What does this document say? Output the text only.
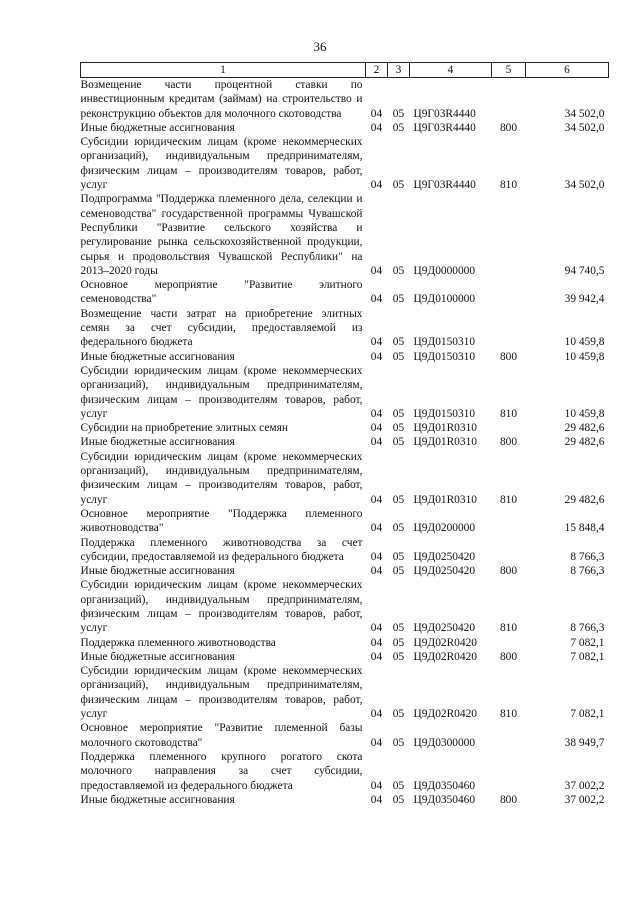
36
1	2	3	4	5	6
Возмещение части процентной ставки по инвестиционным кредитам (займам) на строительство и реконструкцию объектов для молочного скотоводства	04	05	Ц9Г03R4440		34 502,0
Иные бюджетные ассигнования	04	05	Ц9Г03R4440	800	34 502,0
Субсидии юридическим лицам (кроме некоммерческих организаций), индивидуальным предпринимателям, физическим лицам – производителям товаров, работ, услуг	04	05	Ц9Г03R4440	810	34 502,0
Подпрограмма "Поддержка племенного дела, селекции и семеноводства" государственной программы Чувашской Республики "Развитие сельского хозяйства и регулирование рынка сельскохозяйственной продукции, сырья и продовольствия Чувашской Республики" на 2013–2020 годы	04	05	Ц9Д0000000		94 740,5
Основное мероприятие "Развитие элитного семеноводства"	04	05	Ц9Д0100000		39 942,4
Возмещение части затрат на приобретение элитных семян за счет субсидии, предоставляемой из федерального бюджета	04	05	Ц9Д0150310		10 459,8
Иные бюджетные ассигнования	04	05	Ц9Д0150310	800	10 459,8
Субсидии юридическим лицам (кроме некоммерческих организаций), индивидуальным предпринимателям, физическим лицам – производителям товаров, работ, услуг	04	05	Ц9Д0150310	810	10 459,8
Субсидии на приобретение элитных семян	04	05	Ц9Д01R0310		29 482,6
Иные бюджетные ассигнования	04	05	Ц9Д01R0310	800	29 482,6
Субсидии юридическим лицам (кроме некоммерческих организаций), индивидуальным предпринимателям, физическим лицам – производителям товаров, работ, услуг	04	05	Ц9Д01R0310	810	29 482,6
Основное мероприятие "Поддержка племенного животноводства"	04	05	Ц9Д0200000		15 848,4
Поддержка племенного животноводства за счет субсидии, предоставляемой из федерального бюджета	04	05	Ц9Д0250420		8 766,3
Иные бюджетные ассигнования	04	05	Ц9Д0250420	800	8 766,3
Субсидии юридическим лицам (кроме некоммерческих организаций), индивидуальным предпринимателям, физическим лицам – производителям товаров, работ, услуг	04	05	Ц9Д0250420	810	8 766,3
Поддержка племенного животноводства	04	05	Ц9Д02R0420		7 082,1
Иные бюджетные ассигнования	04	05	Ц9Д02R0420	800	7 082,1
Субсидии юридическим лицам (кроме некоммерческих организаций), индивидуальным предпринимателям, физическим лицам – производителям товаров, работ, услуг	04	05	Ц9Д02R0420	810	7 082,1
Основное мероприятие "Развитие племенной базы молочного скотоводства"	04	05	Ц9Д0300000		38 949,7
Поддержка племенного крупного рогатого скота молочного направления за счет субсидии, предоставляемой из федерального бюджета	04	05	Ц9Д0350460		37 002,2
Иные бюджетные ассигнования	04	05	Ц9Д0350460	800	37 002,2
